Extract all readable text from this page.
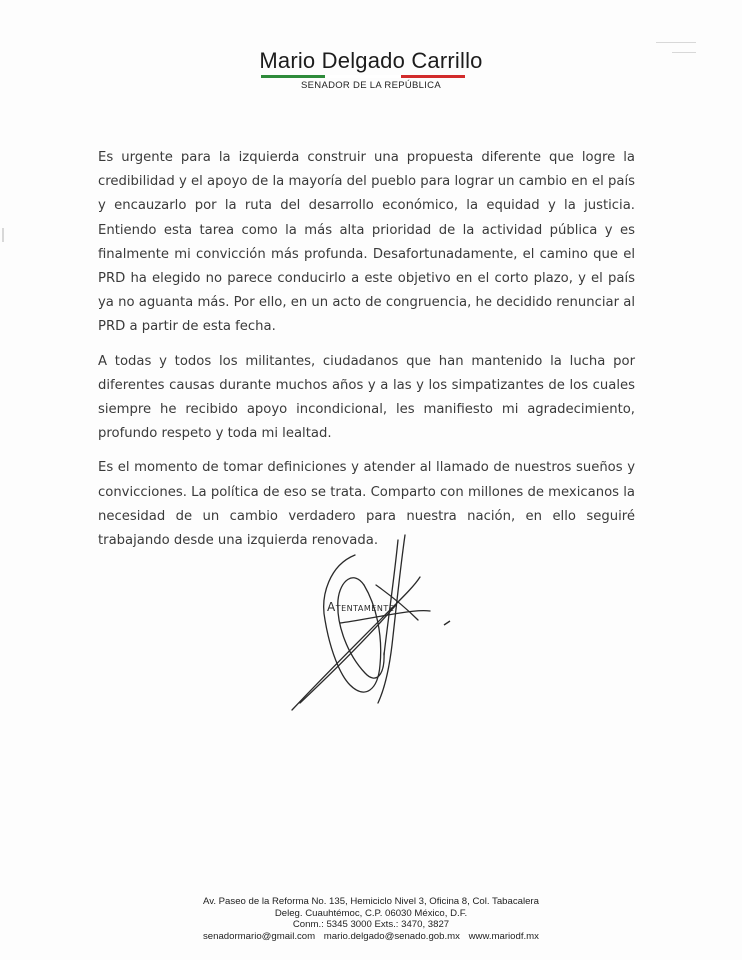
Mario Delgado Carrillo
SENADOR DE LA REPÚBLICA

Es urgente para la izquierda construir una propuesta diferente que logre la credibilidad y el apoyo de la mayoría del pueblo para lograr un cambio en el país y encauzarlo por la ruta del desarrollo económico, la equidad y la justicia. Entiendo esta tarea como la más alta prioridad de la actividad pública y es finalmente mi convicción más profunda. Desafortunadamente, el camino que el PRD ha elegido no parece conducirlo a este objetivo en el corto plazo, y el país ya no aguanta más. Por ello, en un acto de congruencia, he decidido renunciar al PRD a partir de esta fecha.

A todas y todos los militantes, ciudadanos que han mantenido la lucha por diferentes causas durante muchos años y a las y los simpatizantes de los cuales siempre he recibido apoyo incondicional, les manifiesto mi agradecimiento, profundo respeto y toda mi lealtad.

Es el momento de tomar definiciones y atender al llamado de nuestros sueños y convicciones. La política de eso se trata. Comparto con millones de mexicanos la necesidad de un cambio verdadero para nuestra nación, en ello seguiré trabajando desde una izquierda renovada.

Atentamente
Av. Paseo de la Reforma No. 135, Hemiciclo Nivel 3, Oficina 8, Col. Tabacalera
Deleg. Cuauhtémoc, C.P. 06030 México, D.F.
Conm.: 5345 3000 Exts.: 3470, 3827
senadormario@gmail.com mario.delgado@senado.gob.mx www.mariodf.mx
